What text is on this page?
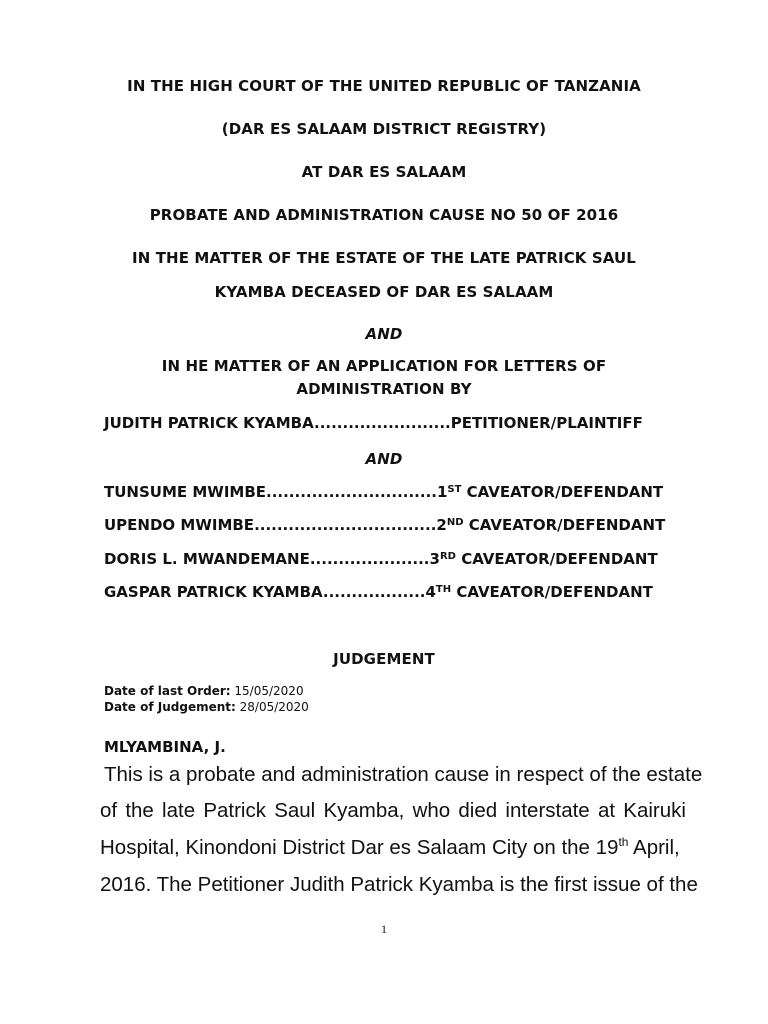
IN THE HIGH COURT OF THE UNITED REPUBLIC OF TANZANIA

(DAR ES SALAAM DISTRICT REGISTRY)

AT DAR ES SALAAM

PROBATE AND ADMINISTRATION CAUSE NO 50 OF 2016

IN THE MATTER OF THE ESTATE OF THE LATE PATRICK SAUL

KYAMBA DECEASED OF DAR ES SALAAM

AND

IN HE MATTER OF AN APPLICATION FOR LETTERS OF

ADMINISTRATION BY

JUDITH PATRICK KYAMBA........................PETITIONER/PLAINTIFF

AND

TUNSUME MWIMBE..............................1ST CAVEATOR/DEFENDANT

UPENDO MWIMBE................................2ND CAVEATOR/DEFENDANT

DORIS L. MWANDEMANE.....................3RD CAVEATOR/DEFENDANT

GASPAR PATRICK KYAMBA..................4TH CAVEATOR/DEFENDANT

JUDGEMENT

Date of last Order: 15/05/2020

Date of Judgement: 28/05/2020

MLYAMBINA, J.

This is a probate and administration cause in respect of the estate

of the late Patrick Saul Kyamba, who died interstate at Kairuki

Hospital, Kinondoni District Dar es Salaam City on the 19th April,

2016. The Petitioner Judith Patrick Kyamba is the first issue of the

1
